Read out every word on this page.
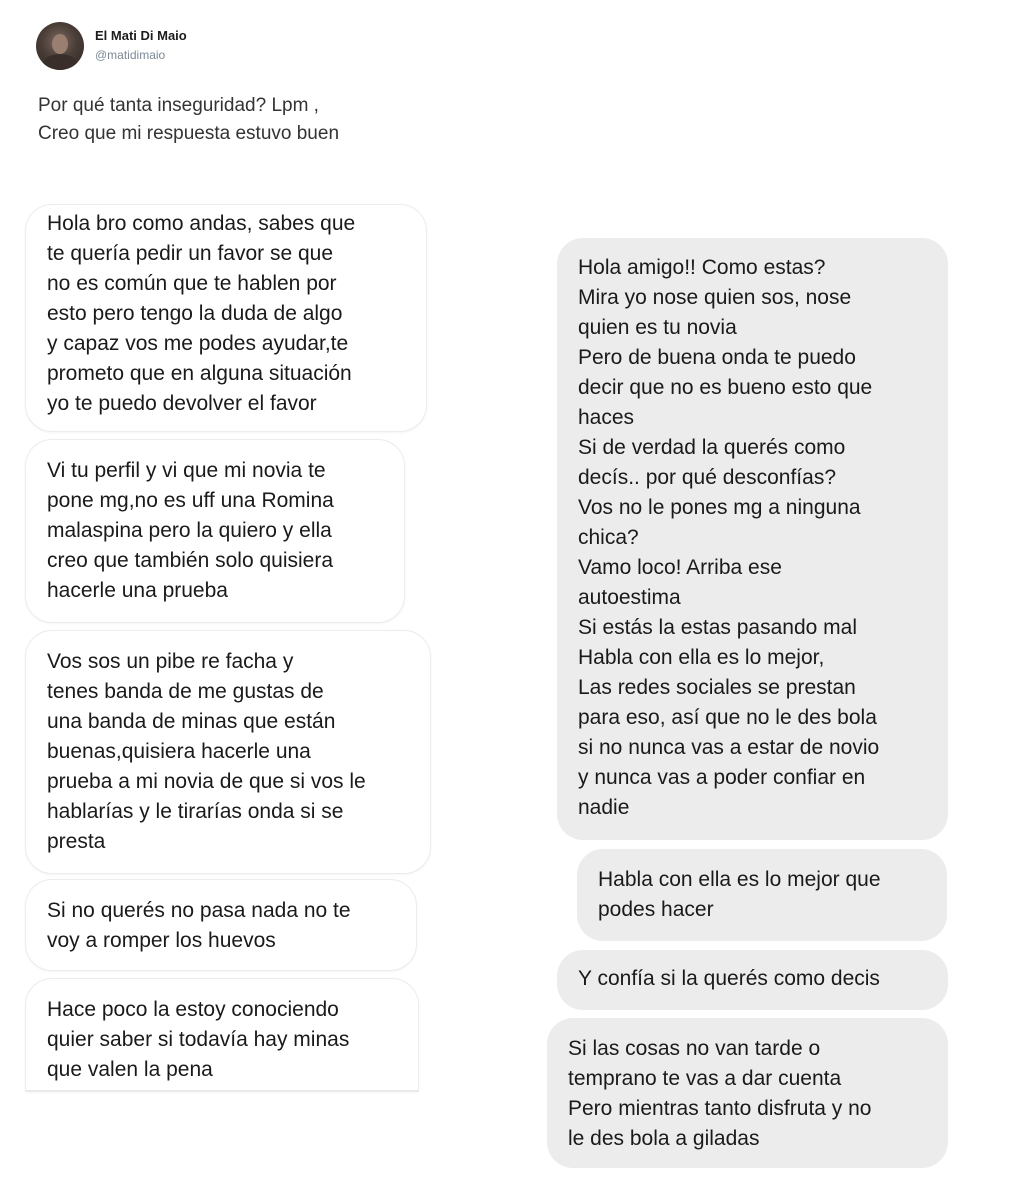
El Mati Di Maio
@matidimaio
Por qué tanta inseguridad? Lpm ,
Creo que mi respuesta estuvo buen
Hola bro como andas, sabes que
te quería pedir un favor se que
no es común que te hablen por
esto pero tengo la duda de algo
y capaz vos me podes ayudar,te
prometo que en alguna situación
yo te puedo devolver el favor
Vi tu perfil y vi que mi novia te
pone mg,no es uff una Romina
malaspina pero la quiero y ella
creo que también solo quisiera
hacerle una prueba
Vos sos un pibe re facha y
tenes banda de me gustas de
una banda de minas que están
buenas,quisiera hacerle una
prueba a mi novia de que si vos le
hablarías y le tirarías onda si se
presta
Si no querés no pasa nada no te
voy a romper los huevos
Hace poco la estoy conociendo
quier saber si todavía hay minas
que valen la pena
Hola amigo!! Como estas?
Mira yo nose quien sos, nose
quien es tu novia
Pero de buena onda te puedo
decir que no es bueno esto que
haces
Si de verdad la querés como
decís.. por qué desconfías?
Vos no le pones mg a ninguna
chica?
Vamo loco! Arriba ese
autoestima
Si estás la estas pasando mal
Habla con ella es lo mejor,
Las redes sociales se prestan
para eso, así que no le des bola
si no nunca vas a estar de novio
y nunca vas a poder confiar en
nadie
Habla con ella es lo mejor que
podes hacer
Y confía si la querés como decis
Si las cosas no van tarde o
temprano te vas a dar cuenta
Pero mientras tanto disfruta y no
le des bola a giladas
